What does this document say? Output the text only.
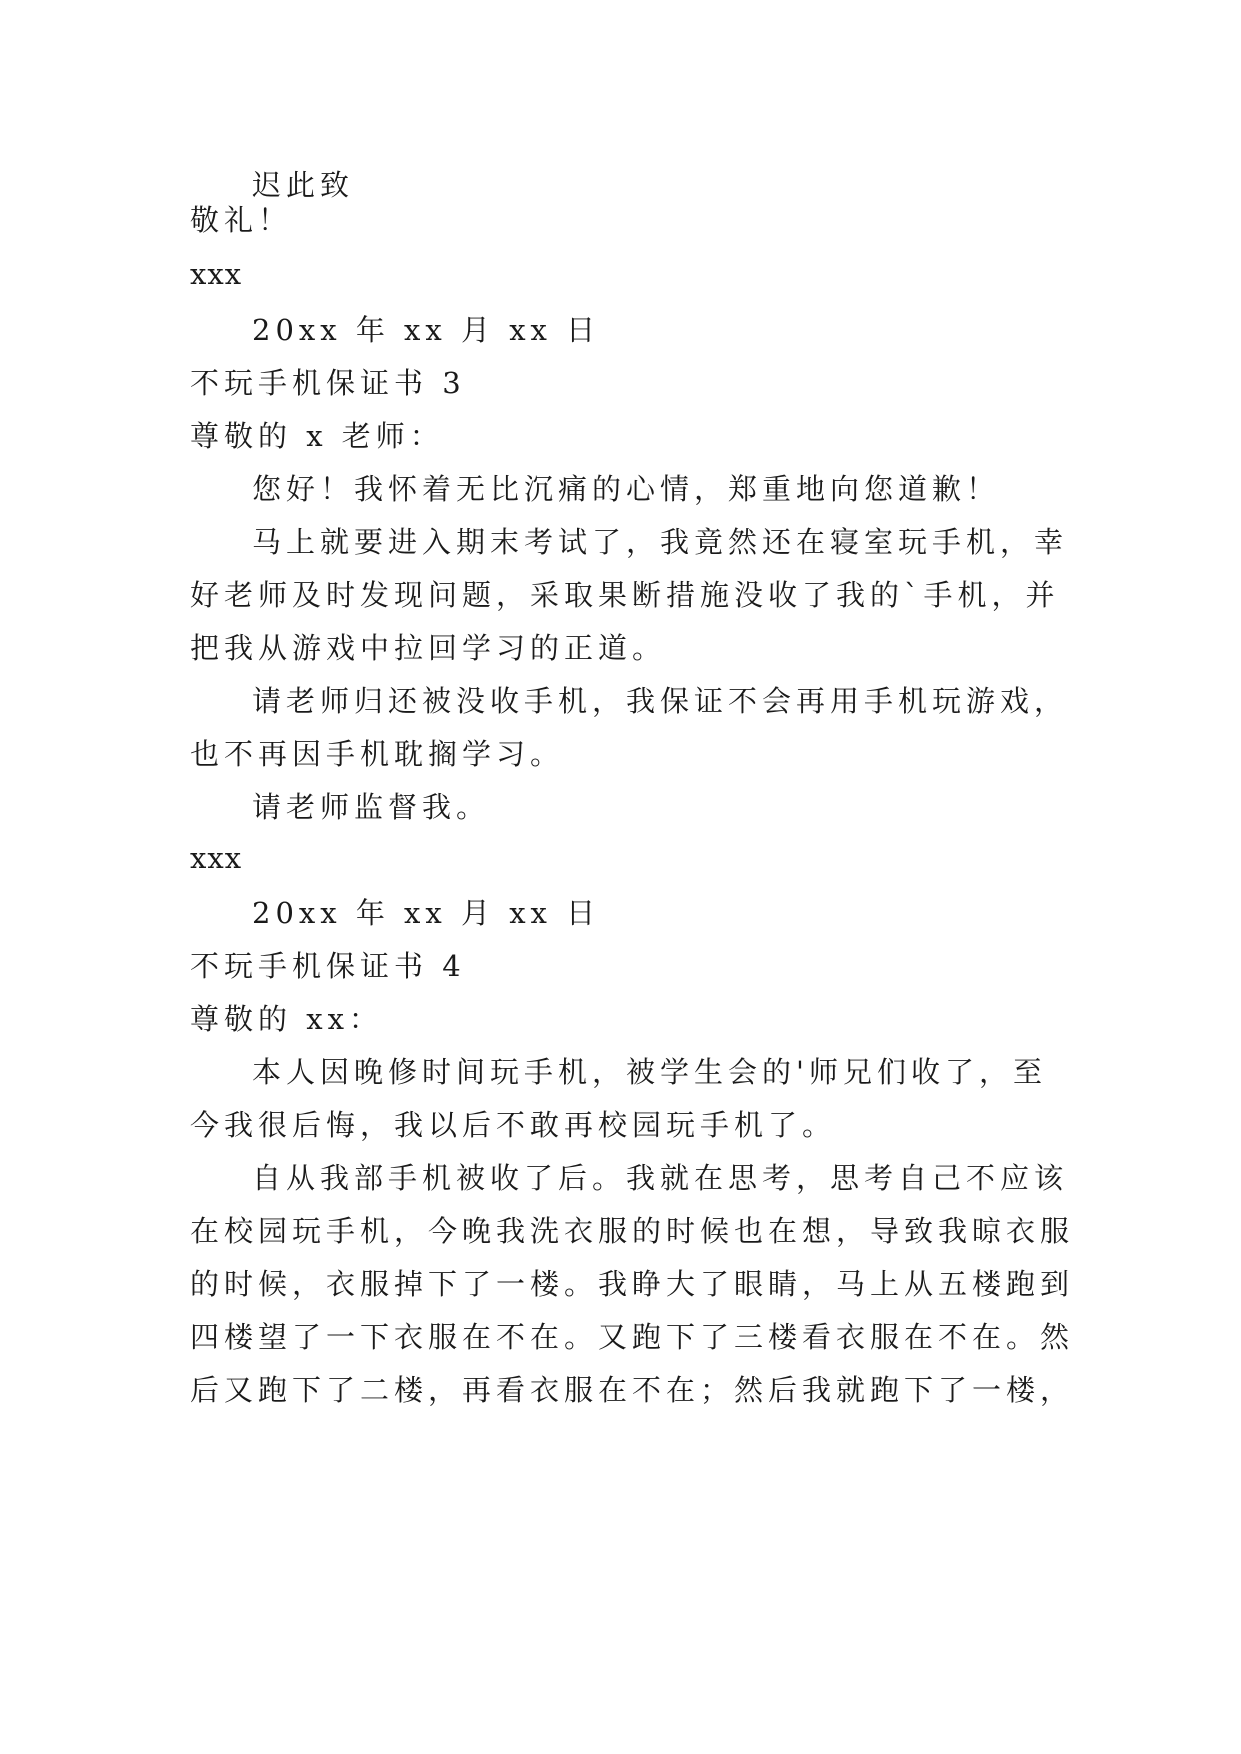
迟此致
敬礼！
xxx
20xx 年 xx 月 xx 日
不玩手机保证书 3
尊敬的 x 老师：
您好！我怀着无比沉痛的心情，郑重地向您道歉！
马上就要进入期末考试了，我竟然还在寝室玩手机，幸
好老师及时发现问题，采取果断措施没收了我的`手机，并
把我从游戏中拉回学习的正道。
请老师归还被没收手机，我保证不会再用手机玩游戏，
也不再因手机耽搁学习。
请老师监督我。
xxx
20xx 年 xx 月 xx 日
不玩手机保证书 4
尊敬的 xx：
本人因晚修时间玩手机，被学生会的'师兄们收了，至
今我很后悔，我以后不敢再校园玩手机了。
自从我部手机被收了后。我就在思考，思考自己不应该
在校园玩手机，今晚我洗衣服的时候也在想，导致我晾衣服
的时候，衣服掉下了一楼。我睁大了眼睛，马上从五楼跑到
四楼望了一下衣服在不在。又跑下了三楼看衣服在不在。然
后又跑下了二楼，再看衣服在不在；然后我就跑下了一楼，
